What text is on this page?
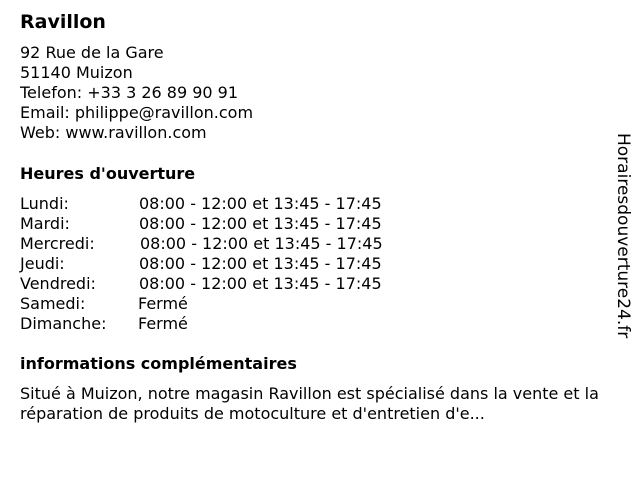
Ravillon
92 Rue de la Gare
51140 Muizon
Telefon: +33 3 26 89 90 91
Email: philippe@ravillon.com
Web: www.ravillon.com
Heures d'ouverture
Lundi:	08:00 - 12:00 et 13:45 - 17:45
Mardi:	08:00 - 12:00 et 13:45 - 17:45
Mercredi:	08:00 - 12:00 et 13:45 - 17:45
Jeudi:	08:00 - 12:00 et 13:45 - 17:45
Vendredi:	08:00 - 12:00 et 13:45 - 17:45
Samedi:	Fermé
Dimanche: Fermé
informations complémentaires
Situé à Muizon, notre magasin Ravillon est spécialisé dans la vente et la réparation de produits de motoculture et d'entretien d'e...
Horairesdouverture24.fr
